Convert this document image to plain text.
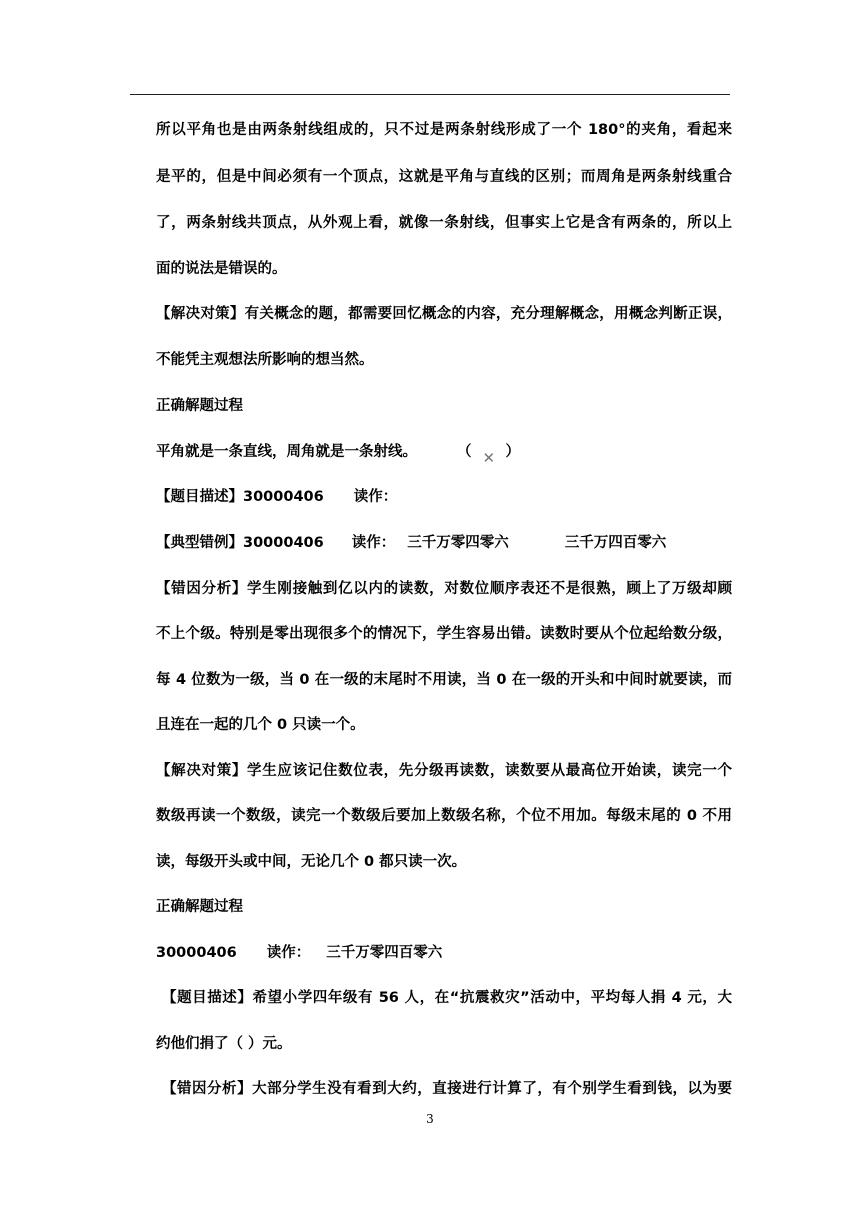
所以平角也是由两条射线组成的，只不过是两条射线形成了一个 180°的夹角，看起来
是平的，但是中间必须有一个顶点，这就是平角与直线的区别；而周角是两条射线重合
了，两条射线共顶点，从外观上看，就像一条射线，但事实上它是含有两条的，所以上
面的说法是错误的。
【解决对策】有关概念的题，都需要回忆概念的内容，充分理解概念，用概念判断正误，
不能凭主观想法所影响的想当然。
正确解题过程
平角就是一条直线，周角就是一条射线。	（ ✕ ）
【题目描述】30000406 读作：
【典型错例】30000406 读作： 三千万零四零六	三千万四百零六
【错因分析】学生刚接触到亿以内的读数，对数位顺序表还不是很熟，顾上了万级却顾
不上个级。特别是零出现很多个的情况下，学生容易出错。读数时要从个位起给数分级，
每 4 位数为一级，当 0 在一级的末尾时不用读，当 0 在一级的开头和中间时就要读，而
且连在一起的几个 0 只读一个。
【解决对策】学生应该记住数位表，先分级再读数，读数要从最高位开始读，读完一个
数级再读一个数级，读完一个数级后要加上数级名称，个位不用加。每级末尾的 0 不用
读，每级开头或中间，无论几个 0 都只读一次。
正确解题过程
30000406 读作： 三千万零四百零六
【题目描述】希望小学四年级有 56 人，在“抗震救灾”活动中，平均每人捐 4 元，大
约他们捐了（ ）元。
【错因分析】大部分学生没有看到大约，直接进行计算了，有个别学生看到钱，以为要
3
